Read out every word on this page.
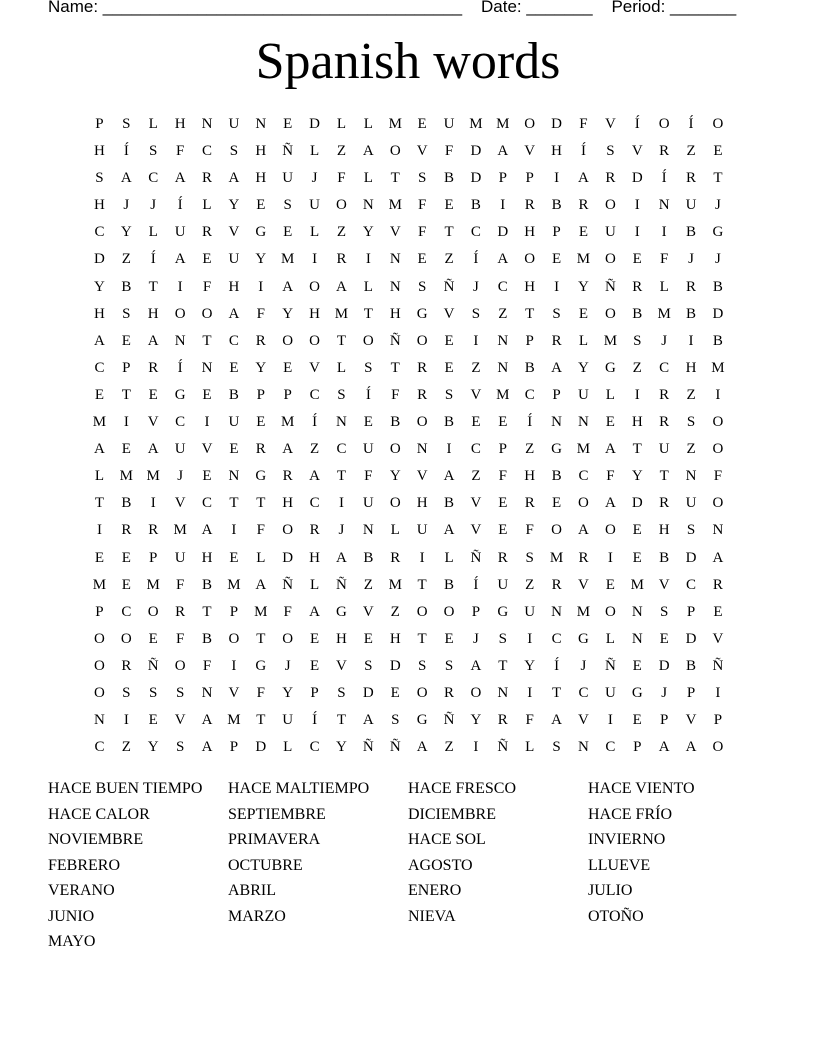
Name: ______________________________________ Date: _______ Period: _______
Spanish words
P	S	L	H	N	U	N	E	D	L	L	M	E	U M M O	D	F	V	Í	O	Í	O
H	Í	S	F	C	S	H	Ñ	L	Z	A	O	V	F	D	A	V	H	Í	S	V	R	Z	E
S	A	C	A	R	A	H	U	J	F	L	T	S	B	D	P	P	I	A	R	D	Í	R	T
H	J	J	Í	L	Y	E	S	U	O	N M	F	E	B	I	R	B	R	O	I	N	U	J
C	Y	L	U	R	V	G	E	L	Z	Y	V	F	T	C	D	H	P	E	U	I	I	B	G
D	Z	Í	A	E	U	Y M	I	R	I	N	E	Z	Í	A	O	E	M O	E	F	J	J
Y	B	T	I	F	H	I	A	O	A	L	N	S	Ñ	J	C	H	I	Y	Ñ	R	L	R	B
H	S	H	O	O	A	F	Y	H M	T	H	G	V	S	Z	T	S	E	O	B	M	B	D
A	E	A	N	T	C	R	O	O	T	O	Ñ	O	E	I	N	P	R	L	M	S	J	I	B
C	P	R	Í	N	E	Y	E	V	L	S	T	R	E	Z	N	B	A	Y	G	Z	C	H M
E	T	E	G	E	B	P	P	C	S	Í	F	R	S	V M	C	P	U	L	I	R	Z	I
M	I	V	C	I	U	E	M	Í	N	E	B	O	B	E	E	Í	N	N	E	H	R	S	O
A	E	A	U	V	E	R	A	Z	C	U	O	N	I	C	P	Z	G M A	T	U	Z	O
L	M M	J	E	N	G	R	A	T	F	Y	V	A	Z	F	H	B	C	F	Y	T	N	F
T	B	I	V	C	T	T	H	C	I	U	O	H	B	V	E	R	E	O	A	D	R	U	O
I	R	R	M A	I	F	O	R	J	N	L	U	A	V	E	F	O	A	O	E	H	S	N
E	E	P	U	H	E	L	D	H	A	B	R	I	L	Ñ	R	S	M	R	I	E	B	D	A
M	E	M	F	B	M A	Ñ	L	Ñ	Z	M	T	B	Í	U	Z	R	V	E	M V	C	R
P	C	O	R	T	P	M	F	A	G	V	Z	O	O	P	G	U	N M O	N	S	P	E
O	O	E	F	B	O	T	O	E	H	E	H	T	E	J	S	I	C	G	L	N	E	D	V
O	R	Ñ	O	F	I	G	J	E	V	S	D	S	S	A	T	Y	Í	J	Ñ	E	D	B	Ñ
O	S	S	S	N	V	F	Y	P	S	D	E	O	R	O	N	I	T	C	U	G	J	P	I
N	I	E	V	A M	T	U	Í	T	A	S	G	Ñ	Y	R	F	A	V	I	E	P	V	P
C	Z	Y	S	A	P	D	L	C	Y	Ñ	Ñ	A	Z	I	Ñ	L	S	N	C	P	A	A	O
HACE BUEN TIEMPO	HACE MALTIEMPO	HACE FRESCO	HACE VIENTO
HACE CALOR	SEPTIEMBRE	DICIEMBRE	HACE FRÍO
NOVIEMBRE	PRIMAVERA	HACE SOL	INVIERNO
FEBRERO	OCTUBRE	AGOSTO	LLUEVE
VERANO	ABRIL	ENERO	JULIO
JUNIO	MARZO	NIEVA	OTOÑO
MAYO
